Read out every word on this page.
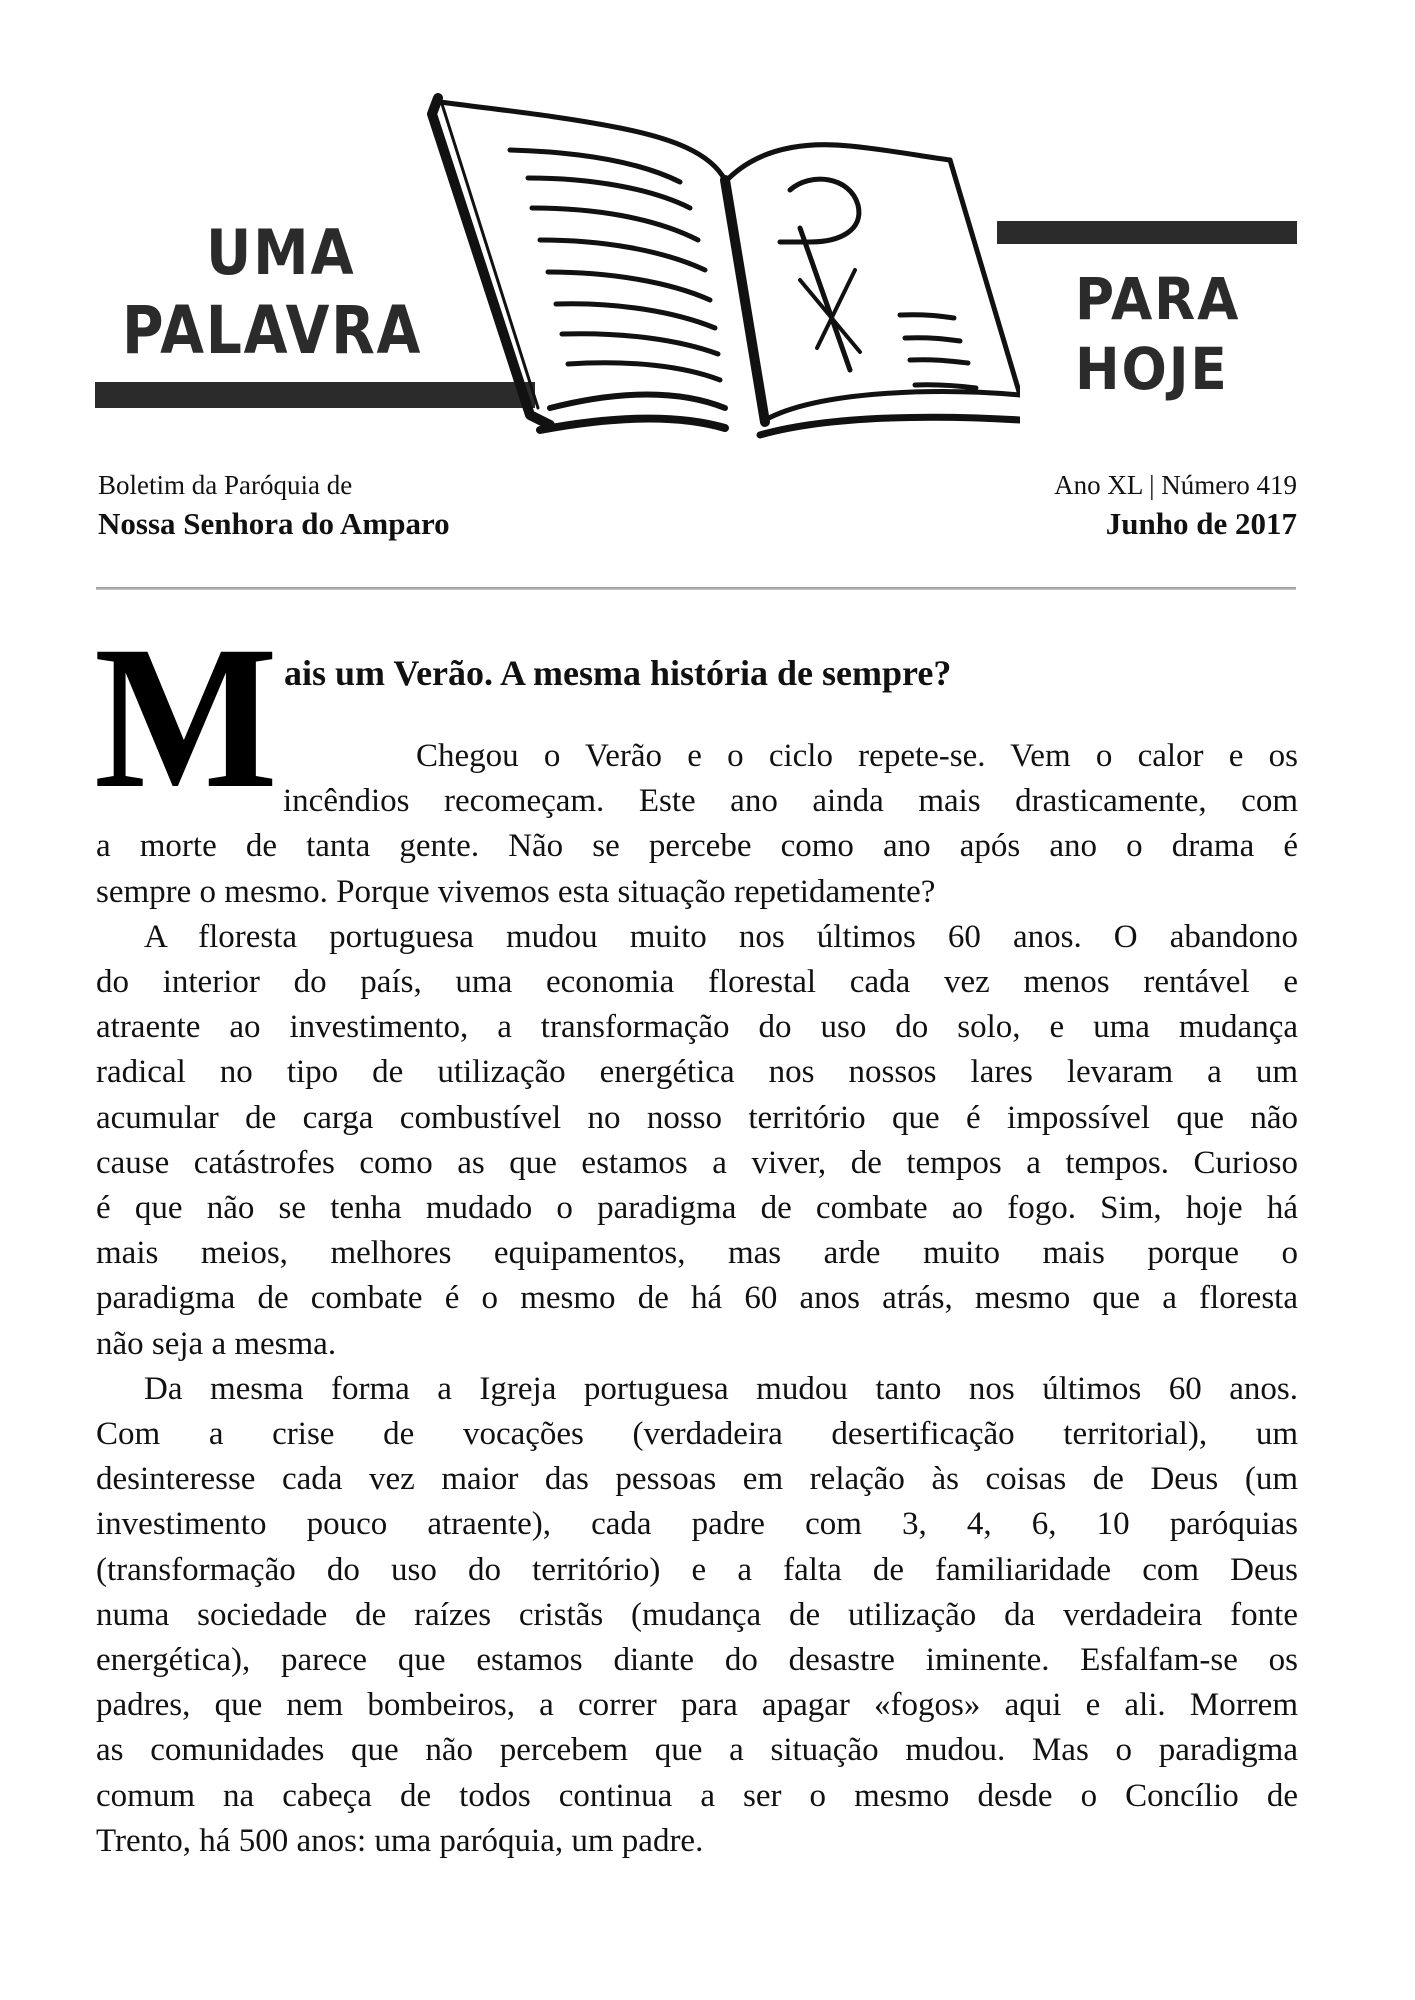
UMA
PALAVRA	PARA
HOJE
Boletim da Paróquia de
Nossa Senhora do Amparo
Ano XL | Número 419
Junho de 2017
M ais um Verão. A mesma história de sempre?
Chegou o Verão e o ciclo repete-se. Vem o calor e os
incêndios recomeçam. Este ano ainda mais drasticamente, com
a morte de tanta gente. Não se percebe como ano após ano o drama é
sempre o mesmo. Porque vivemos esta situação repetidamente?
A floresta portuguesa mudou muito nos últimos 60 anos. O abandono
do interior do país, uma economia florestal cada vez menos rentável e
atraente ao investimento, a transformação do uso do solo, e uma mudança
radical no tipo de utilização energética nos nossos lares levaram a um
acumular de carga combustível no nosso território que é impossível que não
cause catástrofes como as que estamos a viver, de tempos a tempos. Curioso
é que não se tenha mudado o paradigma de combate ao fogo. Sim, hoje há
mais meios, melhores equipamentos, mas arde muito mais porque o
paradigma de combate é o mesmo de há 60 anos atrás, mesmo que a floresta
não seja a mesma.
Da mesma forma a Igreja portuguesa mudou tanto nos últimos 60 anos.
Com a crise de vocações (verdadeira desertificação territorial), um
desinteresse cada vez maior das pessoas em relação às coisas de Deus (um
investimento pouco atraente), cada padre com 3, 4, 6, 10 paróquias
(transformação do uso do território) e a falta de familiaridade com Deus
numa sociedade de raízes cristãs (mudança de utilização da verdadeira fonte
energética), parece que estamos diante do desastre iminente. Esfalfam-se os
padres, que nem bombeiros, a correr para apagar «fogos» aqui e ali. Morrem
as comunidades que não percebem que a situação mudou. Mas o paradigma
comum na cabeça de todos continua a ser o mesmo desde o Concílio de
Trento, há 500 anos: uma paróquia, um padre.
